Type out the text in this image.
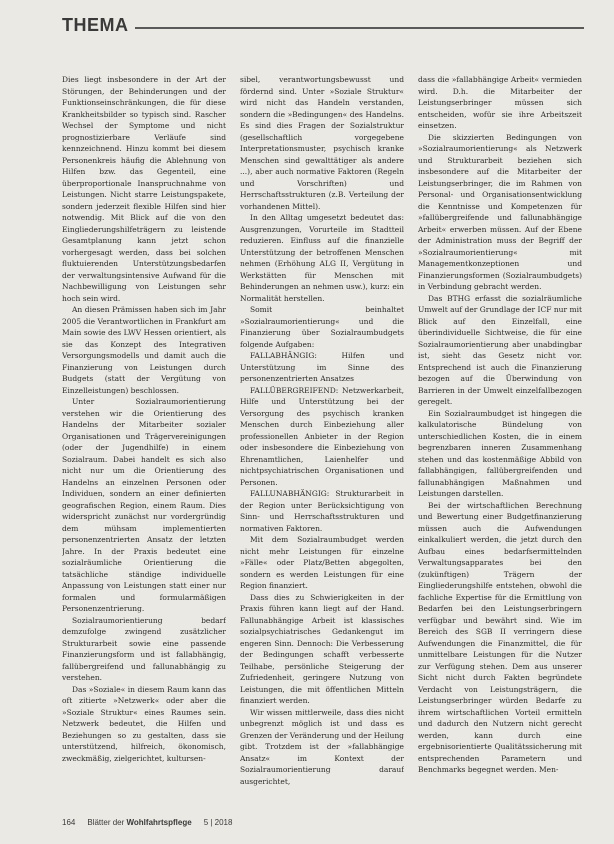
THEMA

Dies liegt insbesondere in der Art der Störungen, der Behinderungen und der Funktionseinschränkungen, die für diese Krankheitsbilder so typisch sind. Rascher Wechsel der Symptome und nicht prognostizierbare Verläufe sind kennzeichnend. Hinzu kommt bei diesem Personenkreis häufig die Ablehnung von Hilfen bzw. das Gegenteil, eine überproportionale Inanspruchnahme von Leistungen. Nicht starre Leistungspakete, sondern jederzeit flexible Hilfen sind hier notwendig. Mit Blick auf die von den Eingliederungshilfeträgern zu leistende Gesamtplanung kann jetzt schon vorhergesagt werden, dass bei solchen fluktuierenden Unterstützungsbedarfen der verwaltungsintensive Aufwand für die Nachbewilligung von Leistungen sehr hoch sein wird.

An diesen Prämissen haben sich im Jahr 2005 die Verantwortlichen in Frankfurt am Main sowie des LWV Hessen orientiert, als sie das Konzept des Integrativen Versorgungsmodells und damit auch die Finanzierung von Leistungen durch Budgets (statt der Vergütung von Einzelleistungen) beschlossen.

Unter Sozialraumorientierung verstehen wir die Orientierung des Handelns der Mitarbeiter sozialer Organisationen und Trägervereinigungen (oder der Jugendhilfe) in einem Sozialraum. Dabei handelt es sich also nicht nur um die Orientierung des Handelns an einzelnen Personen oder Individuen, sondern an einer definierten geografischen Region, einem Raum. Dies widerspricht zunächst nur vordergründig dem mühsam implementierten personenzentrierten Ansatz der letzten Jahre. In der Praxis bedeutet eine sozialräumliche Orientierung die tatsächliche ständige individuelle Anpassung von Leistungen statt einer nur formalen und formularmäßigen Personenzentrierung.

Sozialraumorientierung bedarf demzufolge zwingend zusätzlicher Strukturarbeit sowie eine passende Finanzierungsform und ist fallabhängig, fallübergreifend und fallunabhängig zu verstehen.

Das »Soziale« in diesem Raum kann das oft zitierte »Netzwerk« oder aber die »Soziale Struktur« eines Raumes sein. Netzwerk bedeutet, die Hilfen und Beziehungen so zu gestalten, dass sie unterstützend, hilfreich, ökonomisch, zweckmäßig, zielgerichtet, kultursen-

sibel, verantwortungsbewusst und fördernd sind. Unter »Soziale Struktur« wird nicht das Handeln verstanden, sondern die »Bedingungen« des Handelns. Es sind dies Fragen der Sozialstruktur (gesellschaftlich vorgegebene Interpretationsmuster, psychisch kranke Menschen sind gewalttätiger als andere ...), aber auch normative Faktoren (Regeln und Vorschriften) und Herrschaftsstrukturen (z.B. Verteilung der vorhandenen Mittel).

In den Alltag umgesetzt bedeutet das: Ausgrenzungen, Vorurteile im Stadtteil reduzieren. Einfluss auf die finanzielle Unterstützung der betroffenen Menschen nehmen (Erhöhung ALG II, Vergütung in Werkstätten für Menschen mit Behinderungen an nehmen usw.), kurz: ein Normalität herstellen.

Somit beinhaltet »Sozialraumorientierung« und die Finanzierung über Sozialraumbudgets folgende Aufgaben:

FALLABHÄNGIG: Hilfen und Unterstützung im Sinne des personenzentrierten Ansatzes

FALLÜBERGREIFEND: Netzwerkarbeit, Hilfe und Unterstützung bei der Versorgung des psychisch kranken Menschen durch Einbeziehung aller professionellen Anbieter in der Region oder insbesondere die Einbeziehung von Ehrenamtlichen, Laienhelfer und nichtpsychiatrischen Organisationen und Personen.

FALLUNABHÄNGIG: Strukturarbeit in der Region unter Berücksichtigung von Sinn- und Herrschaftsstrukturen und normativen Faktoren.

Mit dem Sozialraumbudget werden nicht mehr Leistungen für einzelne »Fälle« oder Platz/Betten abgegolten, sondern es werden Leistungen für eine Region finanziert.

Dass dies zu Schwierigkeiten in der Praxis führen kann liegt auf der Hand. Fallunabhängige Arbeit ist klassisches sozialpsychiatrisches Gedankengut im engeren Sinn. Dennoch: Die Verbesserung der Bedingungen schafft verbesserte Teilhabe, persönliche Steigerung der Zufriedenheit, geringere Nutzung von Leistungen, die mit öffentlichen Mitteln finanziert werden.

Wir wissen mittlerweile, dass dies nicht unbegrenzt möglich ist und dass es Grenzen der Veränderung und der Heilung gibt. Trotzdem ist der »fallabhängige Ansatz« im Kontext der Sozialraumorientierung darauf ausgerichtet,

dass die »fallabhängige Arbeit« vermieden wird. D.h. die Mitarbeiter der Leistungserbringer müssen sich entscheiden, wofür sie ihre Arbeitszeit einsetzen.

Die skizzierten Bedingungen von »Sozialraumorientierung« als Netzwerk und Strukturarbeit beziehen sich insbesondere auf die Mitarbeiter der Leistungserbringer, die im Rahmen von Personal- und Organisationsentwicklung die Kenntnisse und Kompetenzen für »fallübergreifende und fallunabhängige Arbeit« erwerben müssen. Auf der Ebene der Administration muss der Begriff der »Sozialraumorientierung« mit Managementkonzeptionen und Finanzierungsformen (Sozialraumbudgets) in Verbindung gebracht werden.

Das BTHG erfasst die sozialräumliche Umwelt auf der Grundlage der ICF nur mit Blick auf den Einzelfall, eine überindividuelle Sichtweise, die für eine Sozialraumorientierung aber unabdingbar ist, sieht das Gesetz nicht vor. Entsprechend ist auch die Finanzierung bezogen auf die Überwindung von Barrieren in der Umwelt einzelfallbezogen geregelt.

Ein Sozialraumbudget ist hingegen die kalkulatorische Bündelung von unterschiedlichen Kosten, die in einem begrenzbaren inneren Zusammenhang stehen und das kostenmäßige Abbild von fallabhängigen, fallübergreifenden und fallunabhängigen Maßnahmen und Leistungen darstellen.

Bei der wirtschaftlichen Berechnung und Bewertung einer Budgetfinanzierung müssen auch die Aufwendungen einkalkuliert werden, die jetzt durch den Aufbau eines bedarfsermittelnden Verwaltungsapparates bei den (zukünftigen) Trägern der Eingliederungshilfe entstehen, obwohl die fachliche Expertise für die Ermittlung von Bedarfen bei den Leistungserbringern verfügbar und bewährt sind. Wie im Bereich des SGB II verringern diese Aufwendungen die Finanzmittel, die für unmittelbare Leistungen für die Nutzer zur Verfügung stehen. Dem aus unserer Sicht nicht durch Fakten begründete Verdacht von Leistungsträgern, die Leistungserbringer würden Bedarfe zu ihrem wirtschaftlichen Vorteil ermitteln und dadurch den Nutzern nicht gerecht werden, kann durch eine ergebnisorientierte Qualitätssicherung mit entsprechenden Parametern und Benchmarks begegnet werden. Men-

164 Blätter der Wohlfahrtspflege 5 | 2018
